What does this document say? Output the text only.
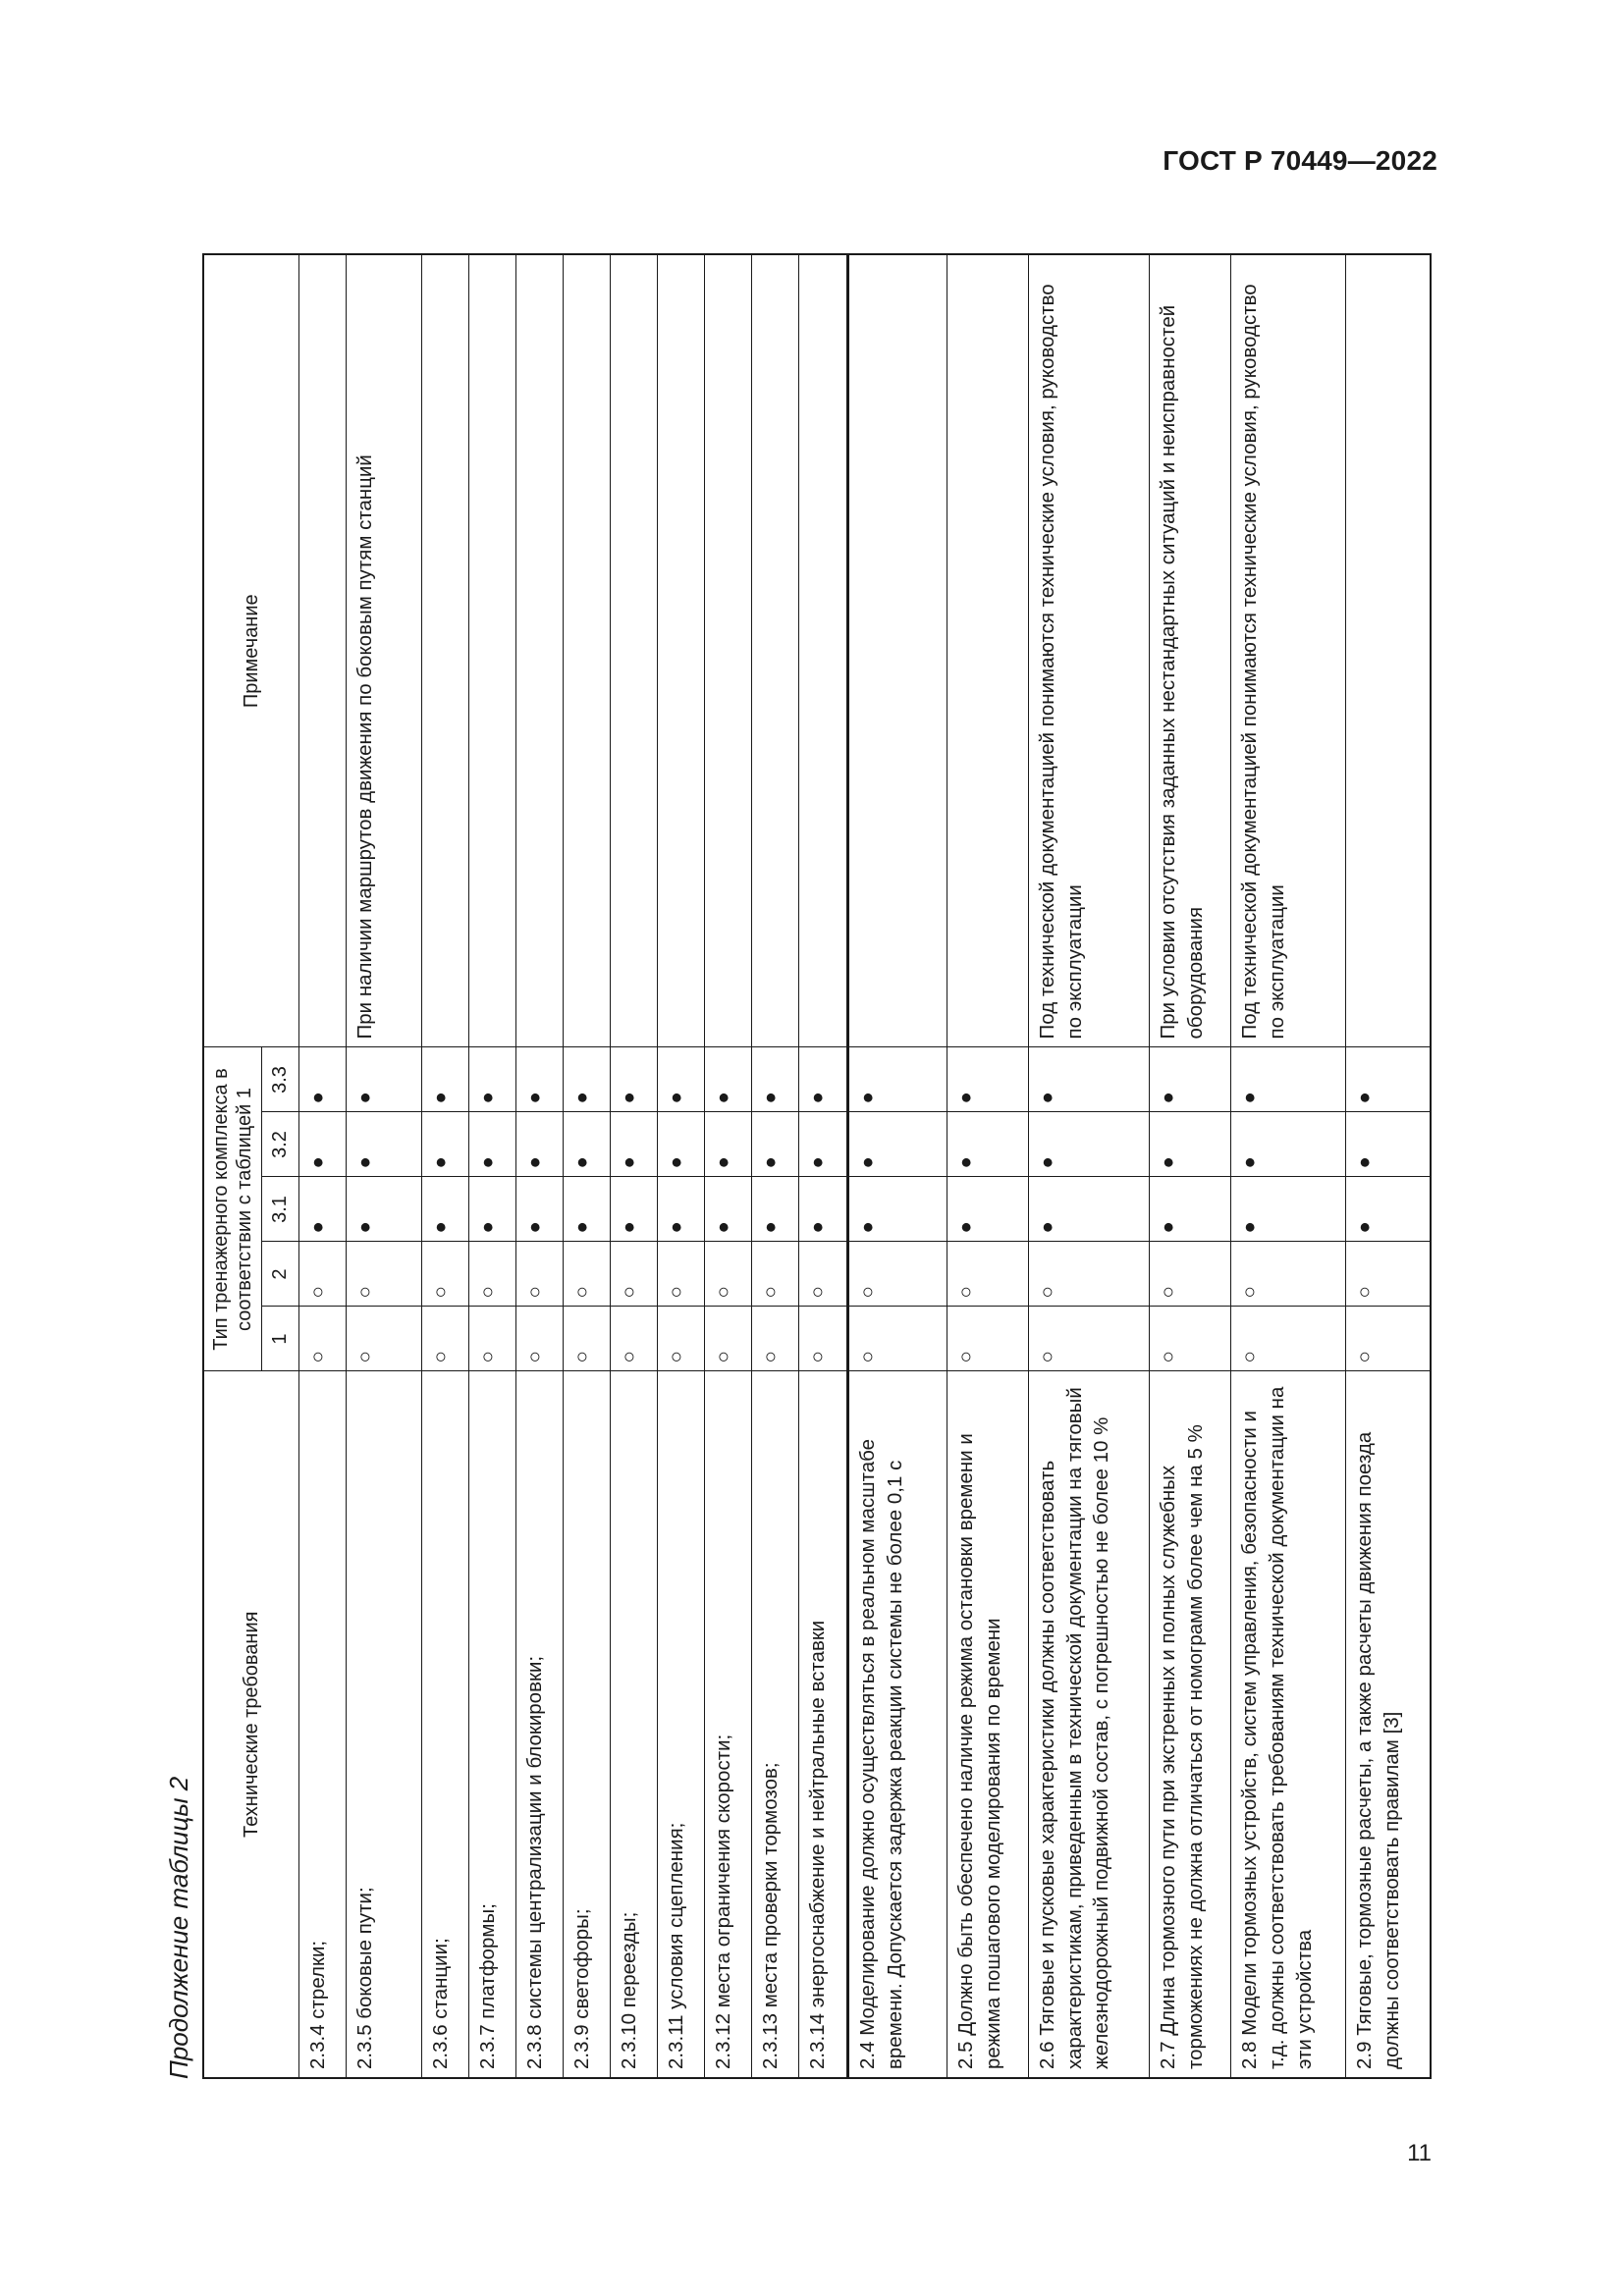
ГОСТ Р 70449—2022
Продолжение таблицы 2
Технические требования	Тип тренажерного комплекса в соответствии с таблицей 1					Примечание
	1	2	3.1	3.2	3.3	
2.3.4 стрелки;	○	○	●	●	●	
2.3.5 боковые пути;	○	○	●	●	●	При наличии маршрутов движения по боковым путям станций
2.3.6 станции;	○	○	●	●	●	
2.3.7 платформы;	○	○	●	●	●	
2.3.8 системы централизации и блокировки;	○	○	●	●	●	
2.3.9 светофоры;	○	○	●	●	●	
2.3.10 переезды;	○	○	●	●	●	
2.3.11 условия сцепления;	○	○	●	●	●	
2.3.12 места ограничения скорости;	○	○	●	●	●	
2.3.13 места проверки тормозов;	○	○	●	●	●	
2.3.14 энергоснабжение и нейтральные вставки	○	○	●	●	●	
2.4 Моделирование должно осуществляться в реальном масштабе времени. Допускается задержка реакции системы не более 0,1 с	○	○	●	●	●	
2.5 Должно быть обеспечено наличие режима остановки времени и режима пошагового моделирования по времени	○	○	●	●	●	
2.6 Тяговые и пусковые характеристики должны соответствовать характеристикам, приведенным в технической документации на тяговый железнодорожный подвижной состав, с погрешностью не более 10 %	○	○	●	●	●	Под технической документацией понимаются технические условия, руководство по эксплуатации
2.7 Длина тормозного пути при экстренных и полных служебных торможениях не должна отличаться от номограмм более чем на 5 %	○	○	●	●	●	При условии отсутствия заданных нестандартных ситуаций и неисправностей оборудования
2.8 Модели тормозных устройств, систем управления, безопасности и т.д. должны соответствовать требованиям технической документации на эти устройства	○	○	●	●	●	Под технической документацией понимаются технические условия, руководство по эксплуатации
2.9 Тяговые, тормозные расчеты, а также расчеты движения поезда должны соответствовать правилам [3]	○	○	●	●	●	
11
